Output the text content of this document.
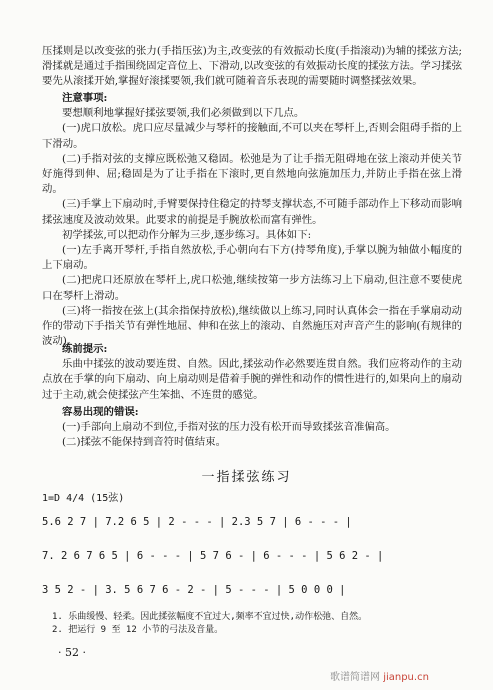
压揉则是以改变弦的张力(手指压弦)为主,改变弦的有效振动长度(手指滚动)为辅的揉弦方法;滑揉就是通过手指围绕固定音位上、下滑动,以改变弦的有效振动长度的揉弦方法。学习揉弦要先从滚揉开始,掌握好滚揉要领,我们就可随着音乐表现的需要随时调整揉弦效果。

注意事项:

要想顺利地掌握好揉弦要领,我们必须做到以下几点。

(一)虎口放松。虎口应尽量减少与琴杆的接触面,不可以夹在琴杆上,否则会阻碍手指的上下滑动。

(二)手指对弦的支撑应既松弛又稳固。松弛是为了让手指无阻碍地在弦上滚动并使关节好施得到伸、屈;稳固是为了让手指在下滚时,更自然地向弦施加压力,并防止手指在弦上滑动。

(三)手掌上下扇动时,手臂要保持住稳定的持琴支撑状态,不可随手部动作上下移动而影响揉弦速度及波动效果。此要求的前提是手腕放松而富有弹性。

初学揉弦,可以把动作分解为三步,逐步练习。具体如下:

(一)左手离开琴杆,手指自然放松,手心朝向右下方(持琴角度),手掌以腕为轴做小幅度的上下扇动。

(二)把虎口还原放在琴杆上,虎口松弛,继续按第一步方法练习上下扇动,但注意不要使虎口在琴杆上滑动。

(三)将一指按在弦上(其余指保持放松),继续做以上练习,同时认真体会一指在手掌扇动动作的带动下手指关节有弹性地屈、伸和在弦上的滚动、自然施压对声音产生的影响(有规律的波动)。

练前提示:

乐曲中揉弦的波动要连贯、自然。因此,揉弦动作必然要连贯自然。我们应将动作的主动点放在手掌的向下扇动、向上扇动则是借着手腕的弹性和动作的惯性进行的,如果向上的扇动过于主动,就会使揉弦产生笨拙、不连贯的感觉。

容易出现的错误:

(一)手部向上扇动不到位,手指对弦的压力没有松开而导致揉弦音准偏高。

(二)揉弦不能保持到音符时值结束。

一指揉弦练习
1=D 4/4 (15弦)
5.6 2 7 | 7.2 6 5 | 2 - - - | 2.3 5 7 | 6 - - - |
7. 2 6 7 6 5 | 6 - - - | 5 7 6 - | 6 - - - | 5 6 2 - |
3 5 2 - | 3. 5 6 7 6 - 2 - | 5 - - - | 5 0 0 0 |
1. 乐曲缓慢、轻柔。因此揉弦幅度不宜过大,频率不宜过快,动作松弛、自然。
2. 把运行 9 至 12 小节的弓法及音量。
· 52 ·
歌谱简谱网 jianpu.cn
